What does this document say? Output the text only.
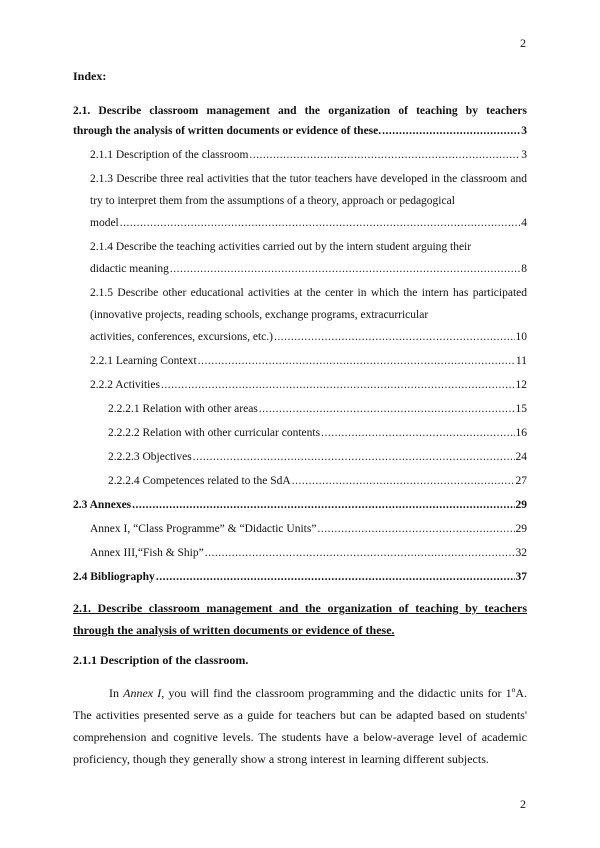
2
Index:
2.1. Describe classroom management and the organization of teaching by teachers
through the analysis of written documents or evidence of these. .....	3
2.1.1 Description of the classroom .....	3
2.1.3 Describe three real activities that the tutor teachers have developed in the classroom and try to interpret them from the assumptions of a theory, approach or pedagogical
model .....	4
2.1.4 Describe the teaching activities carried out by the intern student arguing their
didactic meaning .....	8
2.1.5 Describe other educational activities at the center in which the intern has participated (innovative projects, reading schools, exchange programs, extracurricular
activities, conferences, excursions, etc.) .....	10
2.2.1 Learning Context .....	11
2.2.2 Activities .....	12
2.2.2.1 Relation with other areas .....	15
2.2.2.2 Relation with other curricular contents .....	16
2.2.2.3 Objectives .....	24
2.2.2.4 Competences related to the SdA .....	27
2.3 Annexes .....	29
Annex I, “Class Programme” & “Didactic Units” .....	29
Annex III,“Fish & Ship” .....	32
2.4 Bibliography .....	37
2.1. Describe classroom management and the organization of teaching by teachers through the analysis of written documents or evidence of these.
2.1.1 Description of the classroom.
In Annex I, you will find the classroom programming and the didactic units for 1ºA. The activities presented serve as a guide for teachers but can be adapted based on students' comprehension and cognitive levels. The students have a below-average level of academic proficiency, though they generally show a strong interest in learning different subjects.
2
